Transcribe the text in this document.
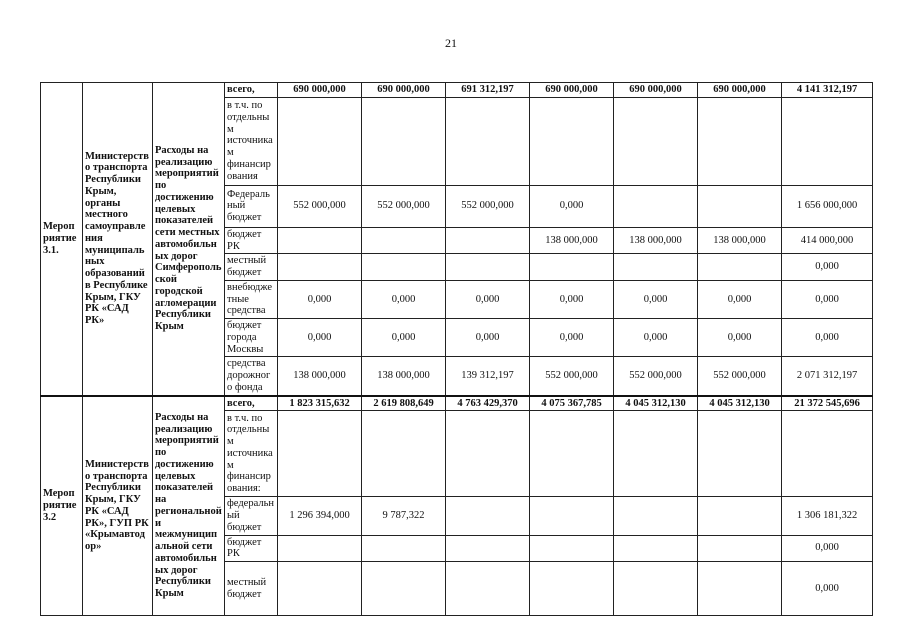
21
Мероприятие 3.1.	Министерство транспорта Республики Крым, органы местного самоуправления муниципальных образований в Республике Крым, ГКУ РК «САД РК»	Расходы на реализацию мероприятий по достижению целевых показателей сети местных автомобильных дорог Симферопольской городской агломерации Республики Крым	всего,	690 000,000	690 000,000	691 312,197	690 000,000	690 000,000	690 000,000	4 141 312,197
			в т.ч. по отдельным источникам финансирования							
			Федеральный бюджет	552 000,000	552 000,000	552 000,000	0,000			1 656 000,000
			бюджет РК				138 000,000	138 000,000	138 000,000	414 000,000
			местный бюджет							0,000
			внебюджетные средства	0,000	0,000	0,000	0,000	0,000	0,000	0,000
			бюджет города Москвы	0,000	0,000	0,000	0,000	0,000	0,000	0,000
			средства дорожного фонда	138 000,000	138 000,000	139 312,197	552 000,000	552 000,000	552 000,000	2 071 312,197
Мероприятие 3.2	Министерство транспорта Республики Крым, ГКУ РК «САД РК», ГУП РК «Крымавтодор»	Расходы на реализацию мероприятий по достижению целевых показателей на региональной и межмуниципальной сети автомобильных дорог Республики Крым	всего,	1 823 315,632	2 619 808,649	4 763 429,370	4 075 367,785	4 045 312,130	4 045 312,130	21 372 545,696
			в т.ч. по отдельным источникам финансирования:							
			федеральный бюджет	1 296 394,000	9 787,322					1 306 181,322
			бюджет РК							0,000
			местный бюджет							0,000
